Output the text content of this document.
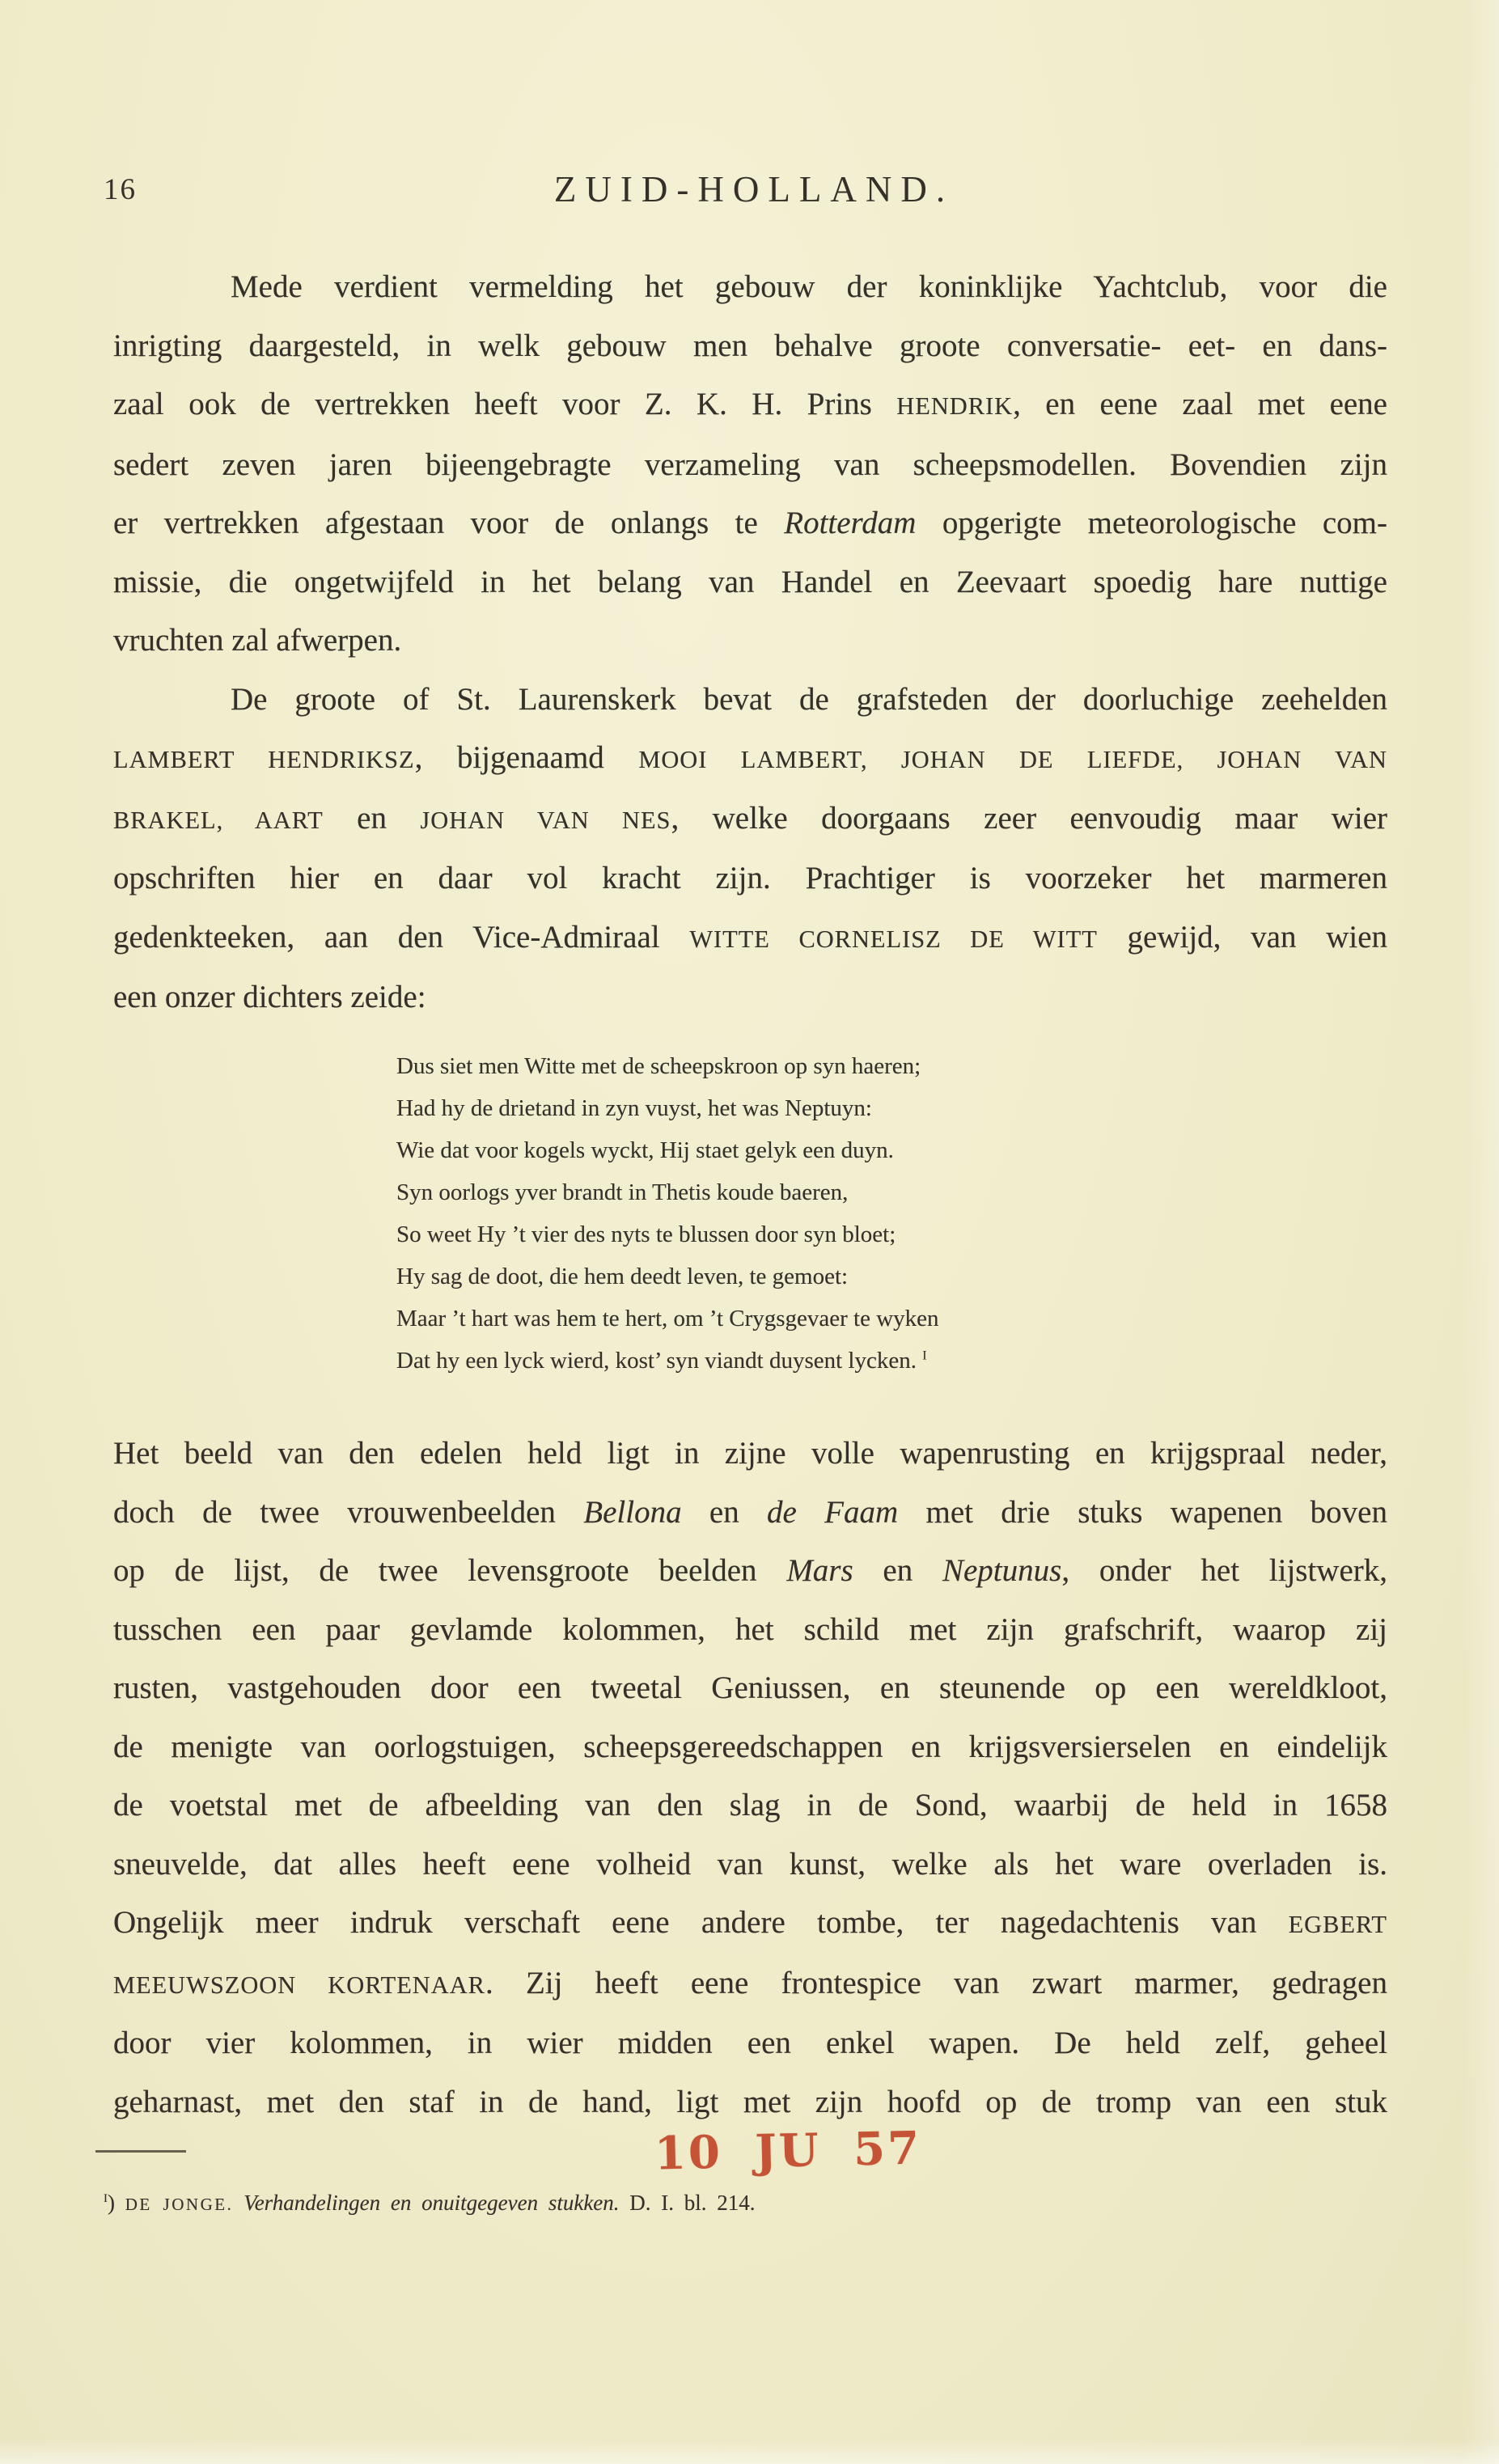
16	ZUID-HOLLAND.
Mede verdient vermelding het gebouw der koninklijke Yachtclub, voor die
inrigting daargesteld, in welk gebouw men behalve groote conversatie- eet- en dans-
zaal ook de vertrekken heeft voor Z. K. H. Prins HENDRIK, en eene zaal met eene
sedert zeven jaren bijeengebragte verzameling van scheepsmodellen. Bovendien zijn
er vertrekken afgestaan voor de onlangs te Rotterdam opgerigte meteorologische com-
missie, die ongetwijfeld in het belang van Handel en Zeevaart spoedig hare nuttige
vruchten zal afwerpen.
De groote of St. Laurenskerk bevat de grafsteden der doorluchige zeehelden
LAMBERT HENDRIKSZ, bijgenaamd MOOI LAMBERT, JOHAN DE LIEFDE, JOHAN VAN
BRAKEL, AART en JOHAN VAN NES, welke doorgaans zeer eenvoudig maar wier
opschriften hier en daar vol kracht zijn. Prachtiger is voorzeker het marmeren
gedenkteeken, aan den Vice-Admiraal WITTE CORNELISZ DE WITT gewijd, van wien
een onzer dichters zeide:
Dus siet men Witte met de scheepskroon op syn haeren;
Had hy de drietand in zyn vuyst, het was Neptuyn:
Wie dat voor kogels wyckt, Hij staet gelyk een duyn.
Syn oorlogs yver brandt in Thetis koude baeren,
So weet Hy ’t vier des nyts te blussen door syn bloet;
Hy sag de doot, die hem deedt leven, te gemoet:
Maar ’t hart was hem te hert, om ’t Crygsgevaer te wyken
Dat hy een lyck wierd, kost’ syn viandt duysent lycken. $^I$
Het beeld van den edelen held ligt in zijne volle wapenrusting en krijgspraal neder,
doch de twee vrouwenbeelden Bellona en de Faam met drie stuks wapenen boven
op de lijst, de twee levensgroote beelden Mars en Neptunus, onder het lijstwerk,
tusschen een paar gevlamde kolommen, het schild met zijn grafschrift, waarop zij
rusten, vastgehouden door een tweetal Geniussen, en steunende op een wereldkloot,
de menigte van oorlogstuigen, scheepsgereedschappen en krijgsversierselen en eindelijk
de voetstal met de afbeelding van den slag in de Sond, waarbij de held in 1658
sneuvelde, dat alles heeft eene volheid van kunst, welke als het ware overladen is.
Ongelijk meer indruk verschaft eene andere tombe, ter nagedachtenis van EGBERT
MEEUWSZOON KORTENAAR. Zij heeft eene frontespice van zwart marmer, gedragen
door vier kolommen, in wier midden een enkel wapen. De held zelf, geheel
geharnast, met den staf in de hand, ligt met zijn hoofd op de tromp van een stuk
10 JU 57
$^I$) DE JONGE. Verhandelingen en onuitgegeven stukken. D. I. bl. 214.
